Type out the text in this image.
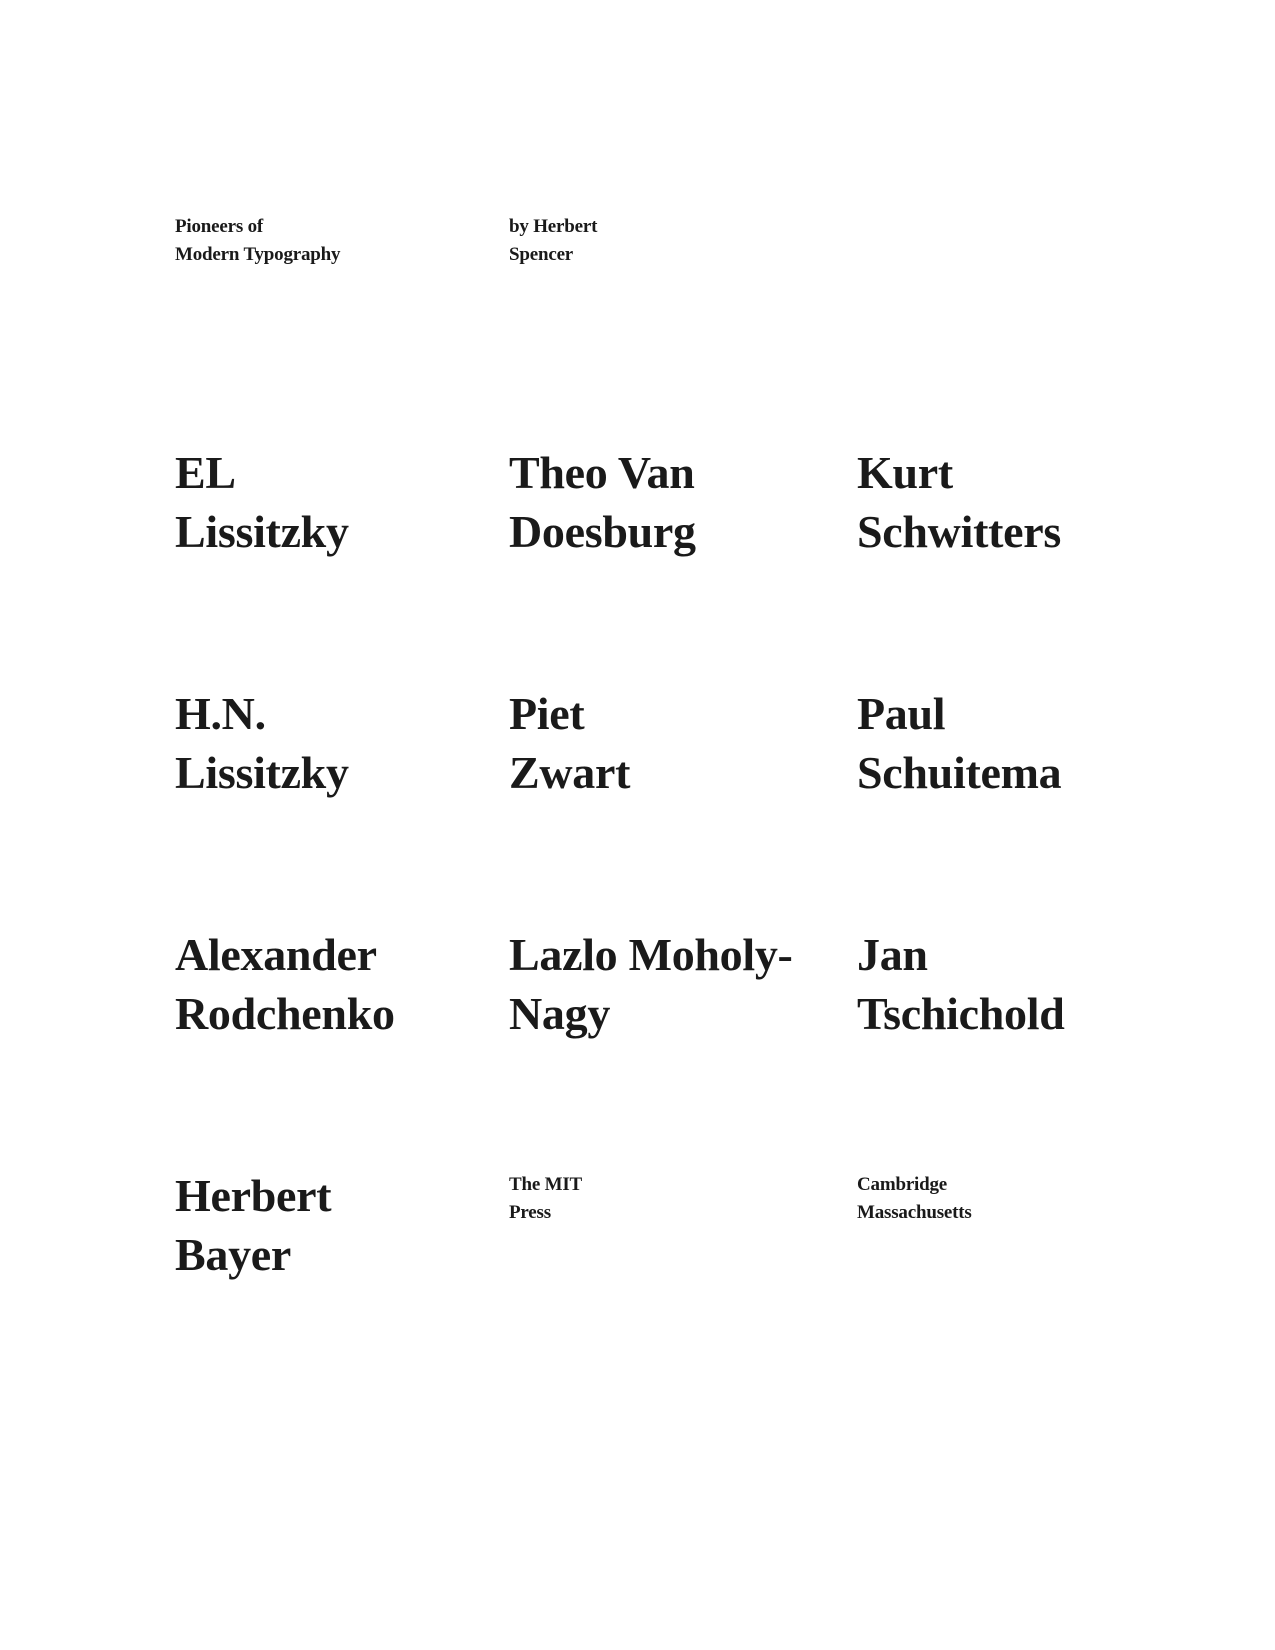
Pioneers of
Modern Typography
by Herbert
Spencer
EL
Lissitzky
Theo Van
Doesburg
Kurt
Schwitters
H.N.
Lissitzky
Piet
Zwart
Paul
Schuitema
Alexander
Rodchenko
Lazlo Moholy-
Nagy
Jan
Tschichold
Herbert
Bayer
The MIT
Press
Cambridge
Massachusetts
